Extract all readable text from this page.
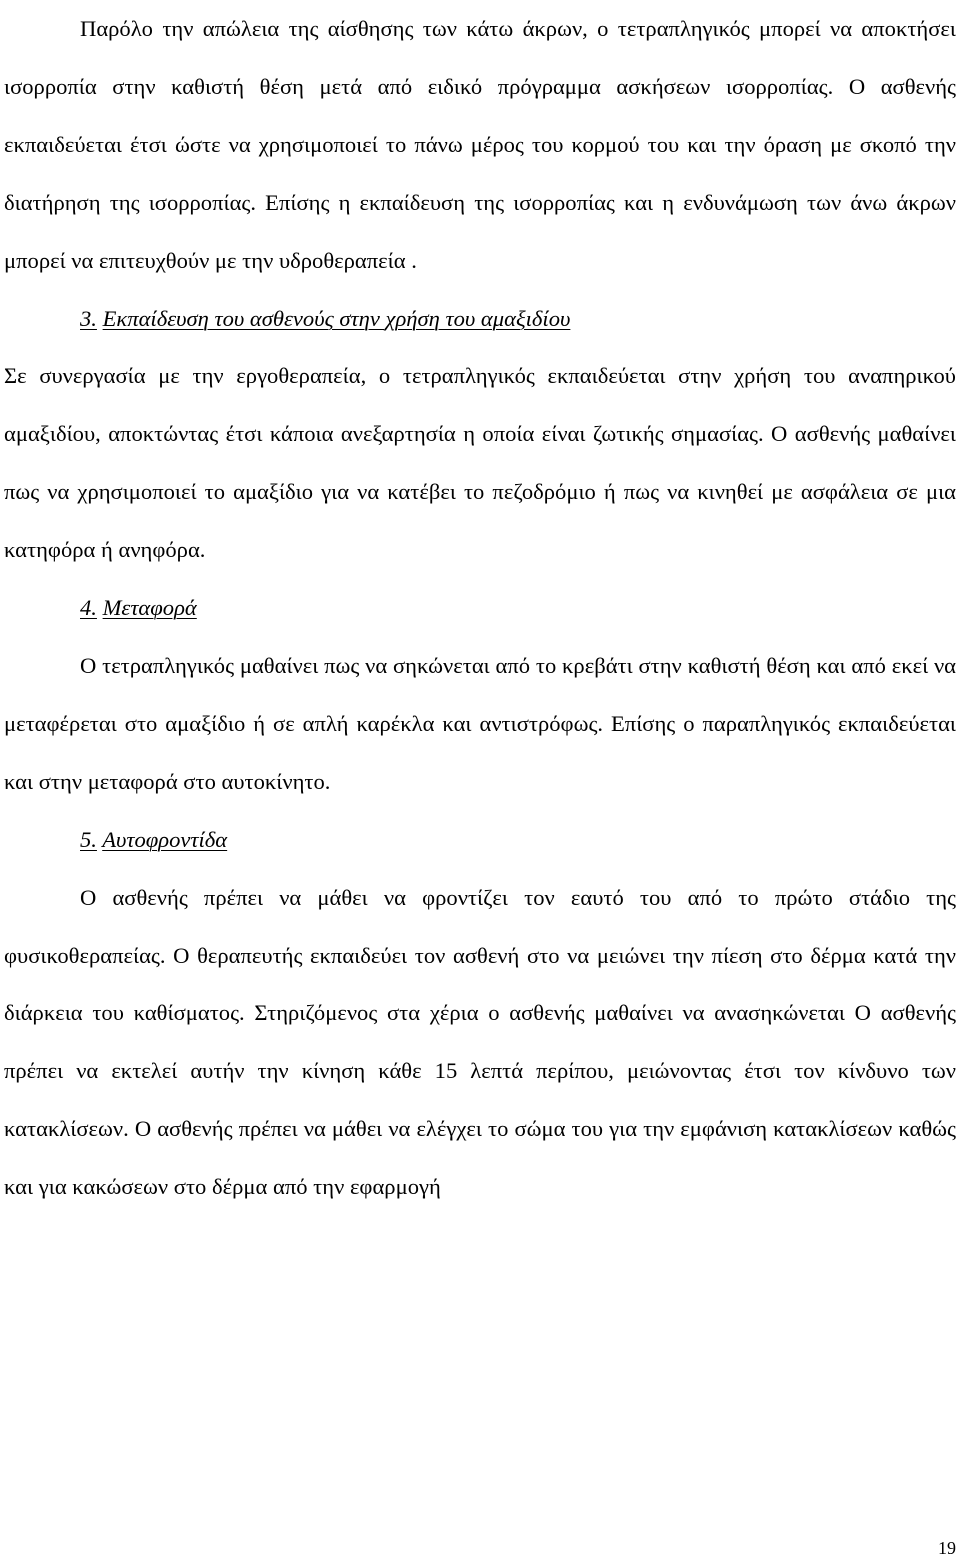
Παρόλο την απώλεια της αίσθησης των κάτω άκρων, ο τετραπληγικός μπορεί να αποκτήσει ισορροπία στην καθιστή θέση μετά από ειδικό πρόγραμμα ασκήσεων ισορροπίας. Ο ασθενής εκπαιδεύεται έτσι ώστε να χρησιμοποιεί το πάνω μέρος του κορμού του και την όραση με σκοπό την διατήρηση της ισορροπίας. Επίσης η εκπαίδευση της ισορροπίας και η ενδυνάμωση των άνω άκρων μπορεί να επιτευχθούν με την υδροθεραπεία .

3. Εκπαίδευση του ασθενούς στην χρήση του αμαξιδίου

Σε συνεργασία με την εργοθεραπεία, ο τετραπληγικός εκπαιδεύεται στην χρήση του αναπηρικού αμαξιδίου, αποκτώντας έτσι κάποια ανεξαρτησία η οποία είναι ζωτικής σημασίας. Ο ασθενής μαθαίνει πως να χρησιμοποιεί το αμαξίδιο για να κατέβει το πεζοδρόμιο ή πως να κινηθεί με ασφάλεια σε μια κατηφόρα ή ανηφόρα.

4. Μεταφορά

Ο τετραπληγικός μαθαίνει πως να σηκώνεται από το κρεβάτι στην καθιστή θέση και από εκεί να μεταφέρεται στο αμαξίδιο ή σε απλή καρέκλα και αντιστρόφως. Επίσης ο παραπληγικός εκπαιδεύεται και στην μεταφορά στο αυτοκίνητο.

5. Αυτοφροντίδα

Ο ασθενής πρέπει να μάθει να φροντίζει τον εαυτό του από το πρώτο στάδιο της φυσικοθεραπείας. Ο θεραπευτής εκπαιδεύει τον ασθενή στο να μειώνει την πίεση στο δέρμα κατά την διάρκεια του καθίσματος. Στηριζόμενος στα χέρια ο ασθενής μαθαίνει να ανασηκώνεται Ο ασθενής πρέπει να εκτελεί αυτήν την κίνηση κάθε 15 λεπτά περίπου, μειώνοντας έτσι τον κίνδυνο των κατακλίσεων. Ο ασθενής πρέπει να μάθει να ελέγχει το σώμα του για την εμφάνιση κατακλίσεων καθώς και για κακώσεων στο δέρμα από την εφαρμογή

19
